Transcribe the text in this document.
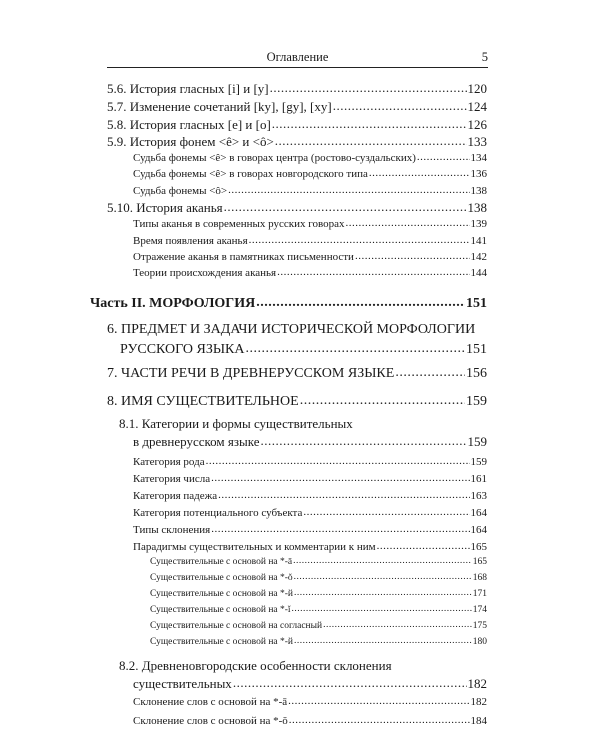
Оглавление	5
5.6. История гласных [i] и [y] .....	120
5.7. Изменение сочетаний [ky], [gy], [xy] .....	124
5.8. История гласных [e] и [o] .....	126
5.9. История фонем <ê> и <ô> .....	133
Судьба фонемы <ê> в говорах центра (ростово-суздальских) .....	134
Судьба фонемы <ê> в говорах новгородского типа .....	136
Судьба фонемы <ô> .....	138
5.10. История аканья .....	138
Типы аканья в современных русских говорах .....	139
Время появления аканья .....	141
Отражение аканья в памятниках письменности .....	142
Теории происхождения аканья .....	144
Часть II. МОРФОЛОГИЯ .....	151
6. ПРЕДМЕТ И ЗАДАЧИ ИСТОРИЧЕСКОЙ МОРФОЛОГИИ
РУССКОГО ЯЗЫКА .....	151
7. ЧАСТИ РЕЧИ В ДРЕВНЕРУССКОМ ЯЗЫКЕ .....	156
8. ИМЯ СУЩЕСТВИТЕЛЬНОЕ .....	159
8.1. Категории и формы существительных
в древнерусском языке .....	159
Категория рода .....	159
Категория числа .....	161
Категория падежа .....	163
Категория потенциального субъекта .....	164
Типы склонения .....	164
Парадигмы существительных и комментарии к ним .....	165
Существительные с основой на *-ā .....	165
Существительные с основой на *-ŏ .....	168
Существительные с основой на *-й .....	171
Существительные с основой на *-ĭ .....	174
Существительные с основой на согласный .....	175
Существительные с основой на *-й .....	180
8.2. Древненовгородские особенности склонения
существительных .....	182
Склонение слов с основой на *-ā .....	182
Склонение слов с основой на *-ŏ .....	184
